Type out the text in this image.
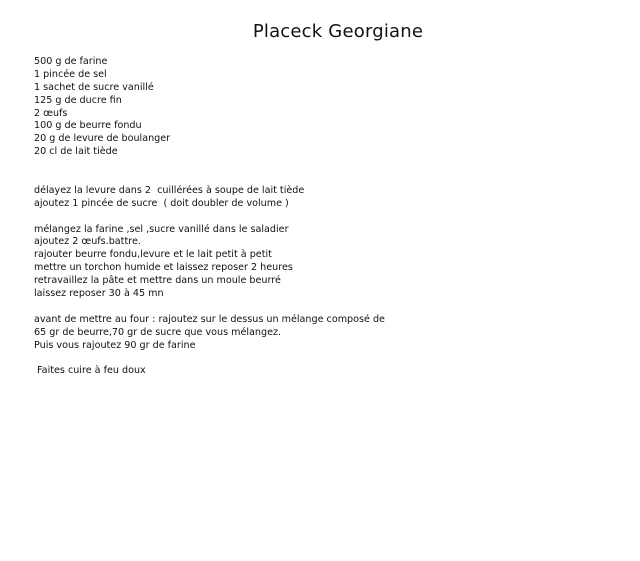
Placeck Georgiane
500 g de farine
1 pincée de sel
1 sachet de sucre vanillé
125 g de ducre fin
2 œufs
100 g de beurre fondu
20 g de levure de boulanger
20 cl de lait tiède
délayez la levure dans 2  cuillérées à soupe de lait tiède
ajoutez 1 pincée de sucre  ( doit doubler de volume )
mélangez la farine ,sel ,sucre vanillé dans le saladier
ajoutez 2 œufs.battre.
rajouter beurre fondu,levure et le lait petit à petit
mettre un torchon humide et laissez reposer 2 heures
retravaillez la pâte et mettre dans un moule beurré
laissez reposer 30 à 45 mn
avant de mettre au four : rajoutez sur le dessus un mélange composé de
65 gr de beurre,70 gr de sucre que vous mélangez.
Puis vous rajoutez 90 gr de farine
Faites cuire à feu doux
